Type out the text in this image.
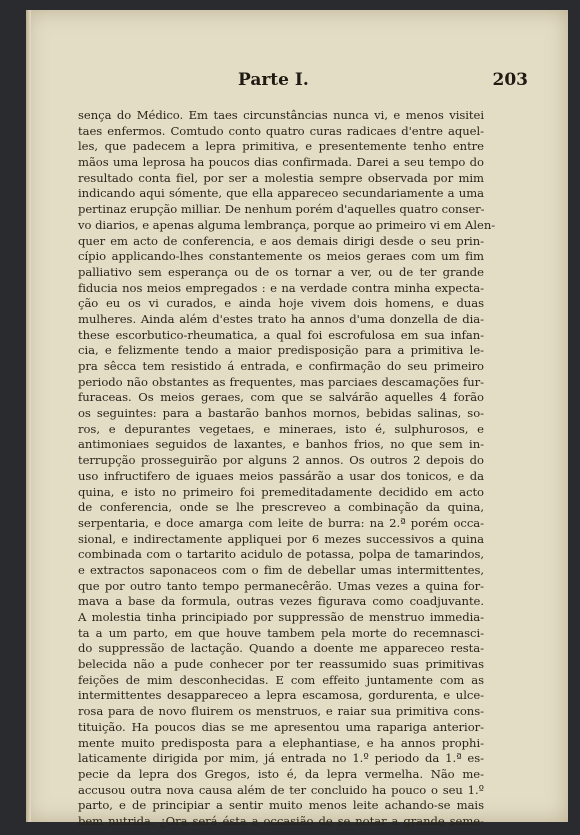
Parte I.	203
sença do Médico. Em taes circunstâncias nunca vi, e menos visitei
taes enfermos. Comtudo conto quatro curas radicaes d'entre aquel-
les, que padecem a lepra primitiva, e presentemente tenho entre
mãos uma leprosa ha poucos dias confirmada. Darei a seu tempo do
resultado conta fiel, por ser a molestia sempre observada por mim
indicando aqui sómente, que ella appareceo secundariamente a uma
pertinaz erupção milliar. De nenhum porém d'aquelles quatro conser-
vo diarios, e apenas alguma lembrança, porque ao primeiro vi em Alen-
quer em acto de conferencia, e aos demais dirigi desde o seu prin-
cípio applicando-lhes constantemente os meios geraes com um fim
palliativo sem esperança ou de os tornar a ver, ou de ter grande
fiducia nos meios empregados : e na verdade contra minha expecta-
ção eu os vi curados, e ainda hoje vivem dois homens, e duas
mulheres. Ainda além d'estes trato ha annos d'uma donzella de dia-
these escorbutico-rheumatica, a qual foi escrofulosa em sua infan-
cia, e felizmente tendo a maior predisposição para a primitiva le-
pra sêcca tem resistido á entrada, e confirmação do seu primeiro
periodo não obstantes as frequentes, mas parciaes descamações fur-
furaceas. Os meios geraes, com que se salvárão aquelles 4 forão
os seguintes: para a bastarão banhos mornos, bebidas salinas, so-
ros, e depurantes vegetaes, e mineraes, isto é, sulphurosos, e
antimoniaes seguidos de laxantes, e banhos frios, no que sem in-
terrupção prosseguirão por alguns 2 annos. Os outros 2 depois do
uso infructifero de iguaes meios passárão a usar dos tonicos, e da
quina, e isto no primeiro foi premeditadamente decidido em acto
de conferencia, onde se lhe prescreveo a combinação da quina,
serpentaria, e doce amarga com leite de burra: na 2.ª porém occa-
sional, e indirectamente appliquei por 6 mezes successivos a quina
combinada com o tartarito acidulo de potassa, polpa de tamarindos,
e extractos saponaceos com o fim de debellar umas intermittentes,
que por outro tanto tempo permanecêrão. Umas vezes a quina for-
mava a base da formula, outras vezes figurava como coadjuvante.
A molestia tinha principiado por suppressão de menstruo immedia-
ta a um parto, em que houve tambem pela morte do recemnasci-
do suppressão de lactação. Quando a doente me appareceo resta-
belecida não a pude conhecer por ter reassumido suas primitivas
feições de mim desconhecidas. E com effeito juntamente com as
intermittentes desappareceo a lepra escamosa, gordurenta, e ulce-
rosa para de novo fluirem os menstruos, e raiar sua primitiva cons-
tituição. Ha poucos dias se me apresentou uma rapariga anterior-
mente muito predisposta para a elephantiase, e ha annos prophi-
laticamente dirigida por mim, já entrada no 1.º periodo da 1.ª es-
pecie da lepra dos Gregos, isto é, da lepra vermelha. Não me-
accusou outra nova causa além de ter concluido ha pouco o seu 1.º
parto, e de principiar a sentir muito menos leite achando-se mais
bem nutrida. ¿Ora será ésta a occasião de se notar a grande seme-
